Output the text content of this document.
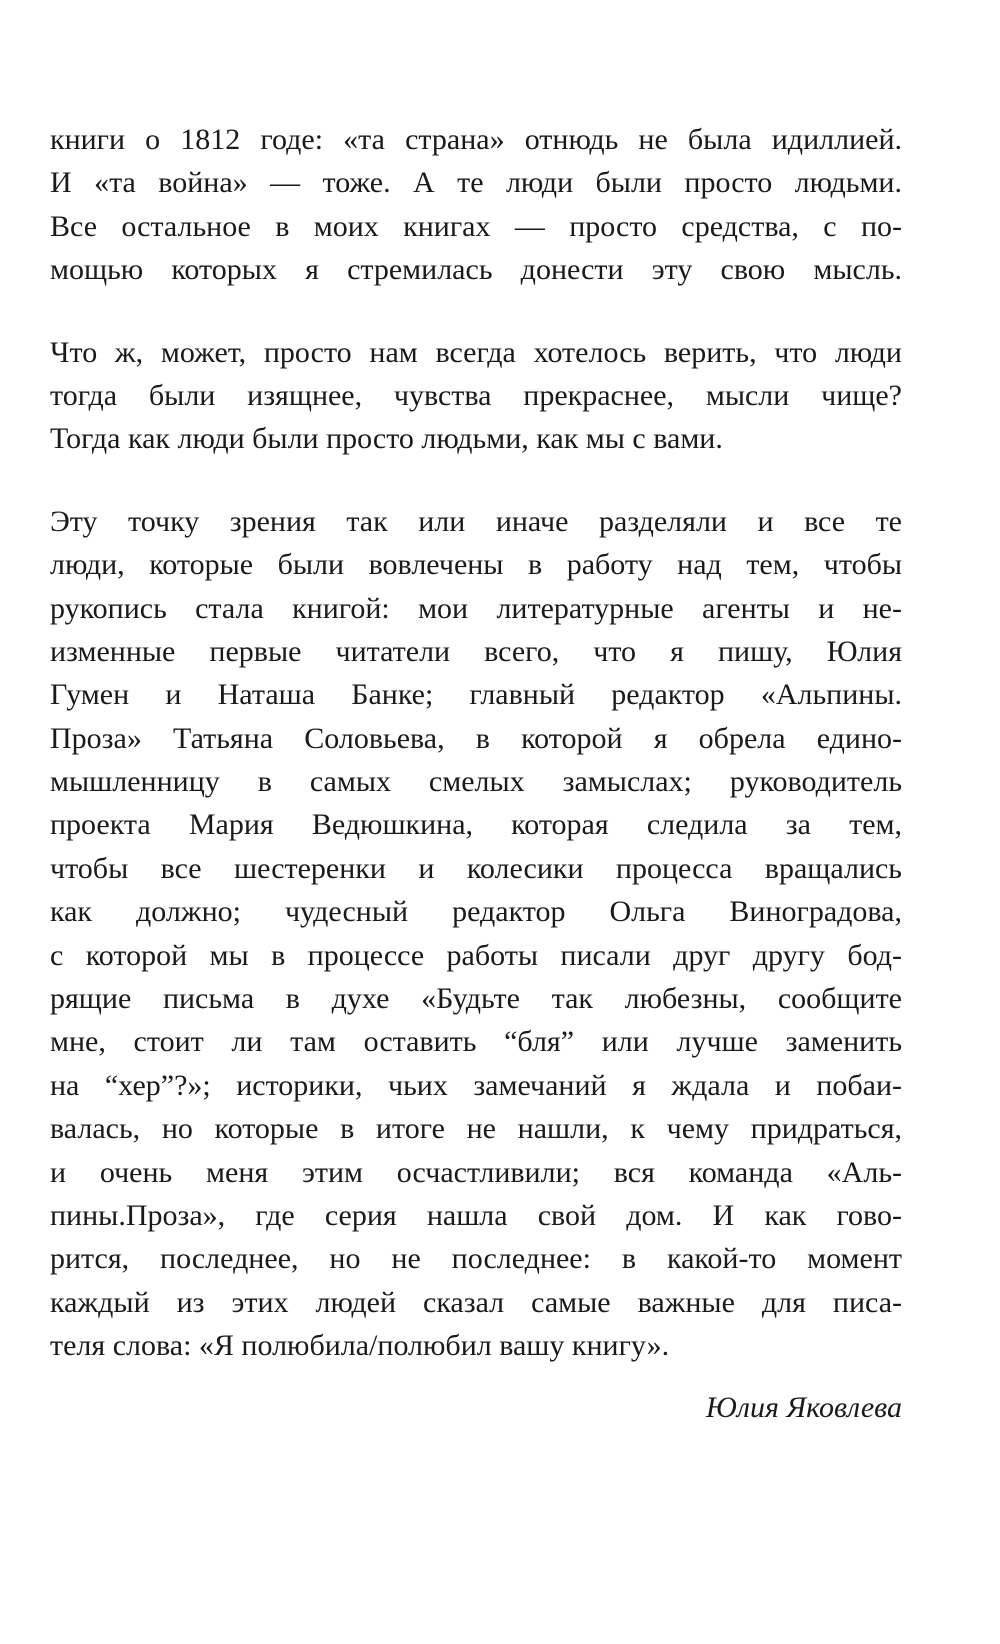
книги о 1812 годе: «та страна» отнюдь не была идиллией.
И «та война» — тоже. А те люди были просто людьми.
Все остальное в моих книгах — просто средства, с по-
мощью которых я стремилась донести эту свою мысль.
Что ж, может, просто нам всегда хотелось верить, что люди
тогда были изящнее, чувства прекраснее, мысли чище?
Тогда как люди были просто людьми, как мы с вами.
Эту точку зрения так или иначе разделяли и все те
люди, которые были вовлечены в работу над тем, чтобы
рукопись стала книгой: мои литературные агенты и не-
изменные первые читатели всего, что я пишу, Юлия
Гумен и Наташа Банке; главный редактор «Альпины.
Проза» Татьяна Соловьева, в которой я обрела едино-
мышленницу в самых смелых замыслах; руководитель
проекта Мария Ведюшкина, которая следила за тем,
чтобы все шестеренки и колесики процесса вращались
как должно; чудесный редактор Ольга Виноградова,
с которой мы в процессе работы писали друг другу бод-
рящие письма в духе «Будьте так любезны, сообщите
мне, стоит ли там оставить “бля” или лучше заменить
на “хер”?»; историки, чьих замечаний я ждала и побаи-
валась, но которые в итоге не нашли, к чему придраться,
и очень меня этим осчастливили; вся команда «Аль-
пины.Проза», где серия нашла свой дом. И как гово-
рится, последнее, но не последнее: в какой-то момент
каждый из этих людей сказал самые важные для писа-
теля слова: «Я полюбила/полюбил вашу книгу».
Юлия Яковлева
